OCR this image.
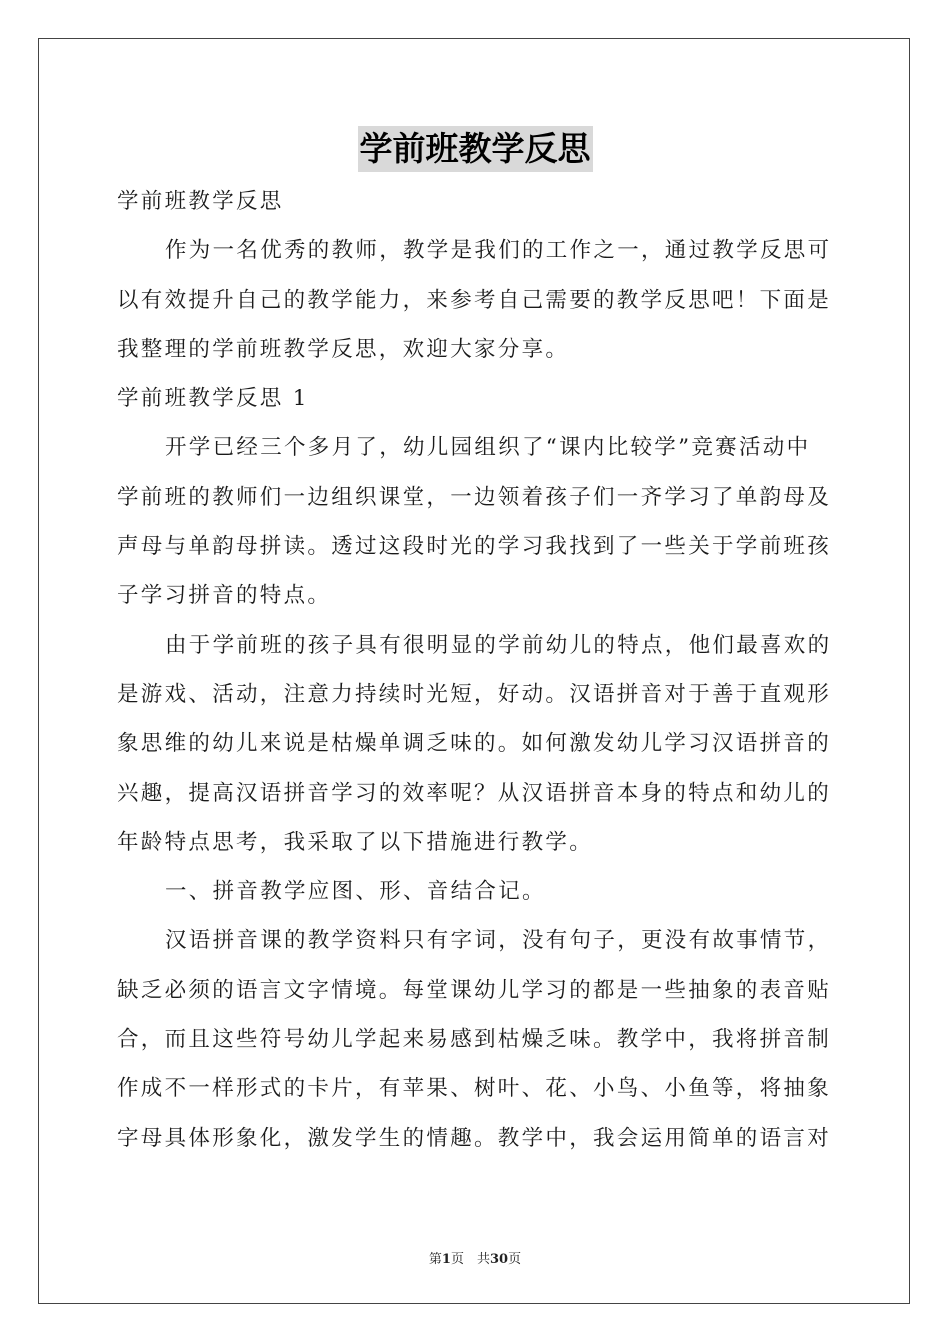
学前班教学反思
学前班教学反思
作为一名优秀的教师，教学是我们的工作之一，通过教学反思可
以有效提升自己的教学能力，来参考自己需要的教学反思吧！下面是
我整理的学前班教学反思，欢迎大家分享。
学前班教学反思 1
开学已经三个多月了，幼儿园组织了“课内比较学”竞赛活动中
学前班的教师们一边组织课堂，一边领着孩子们一齐学习了单韵母及
声母与单韵母拼读。透过这段时光的学习我找到了一些关于学前班孩
子学习拼音的特点。
由于学前班的孩子具有很明显的学前幼儿的特点，他们最喜欢的
是游戏、活动，注意力持续时光短，好动。汉语拼音对于善于直观形
象思维的幼儿来说是枯燥单调乏味的。如何激发幼儿学习汉语拼音的
兴趣，提高汉语拼音学习的效率呢？从汉语拼音本身的特点和幼儿的
年龄特点思考，我采取了以下措施进行教学。
一、拼音教学应图、形、音结合记。
汉语拼音课的教学资料只有字词，没有句子，更没有故事情节，
缺乏必须的语言文字情境。每堂课幼儿学习的都是一些抽象的表音贴
合，而且这些符号幼儿学起来易感到枯燥乏味。教学中，我将拼音制
作成不一样形式的卡片，有苹果、树叶、花、小鸟、小鱼等，将抽象
字母具体形象化，激发学生的情趣。教学中，我会运用简单的语言对
第1页　共30页
